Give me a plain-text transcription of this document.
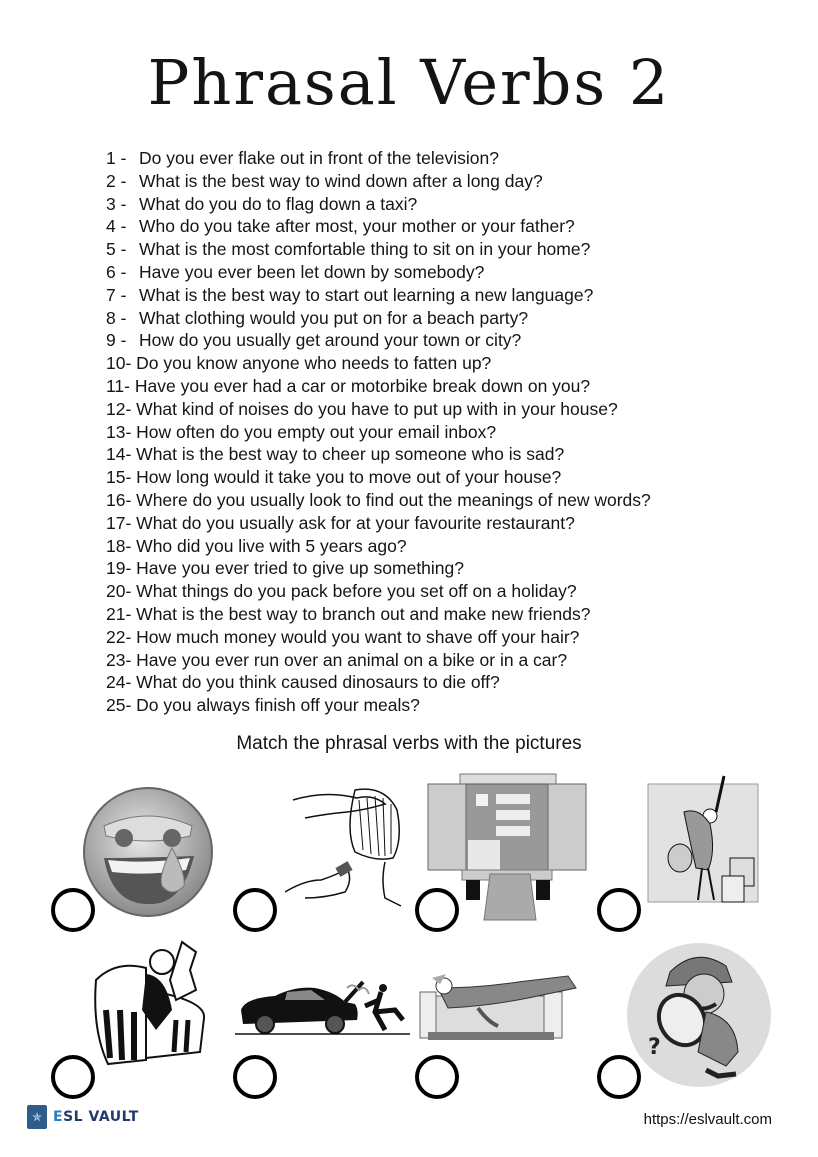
Phrasal Verbs 2
1 - Do you ever flake out in front of the television?
2 - What is the best way to wind down after a long day?
3 - What do you do to flag down a taxi?
4 - Who do you take after most, your mother or your father?
5 - What is the most comfortable thing to sit on in your home?
6 - Have you ever been let down by somebody?
7 - What is the best way to start out learning a new language?
8 - What clothing would you put on for a beach party?
9 - How do you usually get around your town or city?
10- Do you know anyone who needs to fatten up?
11- Have you ever had a car or motorbike break down on you?
12- What kind of noises do you have to put up with in your house?
13- How often do you empty out your email inbox?
14- What is the best way to cheer up someone who is sad?
15- How long would it take you to move out of your house?
16- Where do you usually look to find out the meanings of new words?
17- What do you usually ask for at your favourite restaurant?
18- Who did you live with 5 years ago?
19- Have you ever tried to give up something?
20- What things do you pack before you set off on a holiday?
21- What is the best way to branch out and make new friends?
22- How much money would you want to shave off your hair?
23- Have you ever run over an animal on a bike or in a car?
24- What do you think caused dinosaurs to die off?
25- Do you always finish off your meals?
Match the phrasal verbs with the pictures
?
✯ ESL VAULT	https://eslvault.com
